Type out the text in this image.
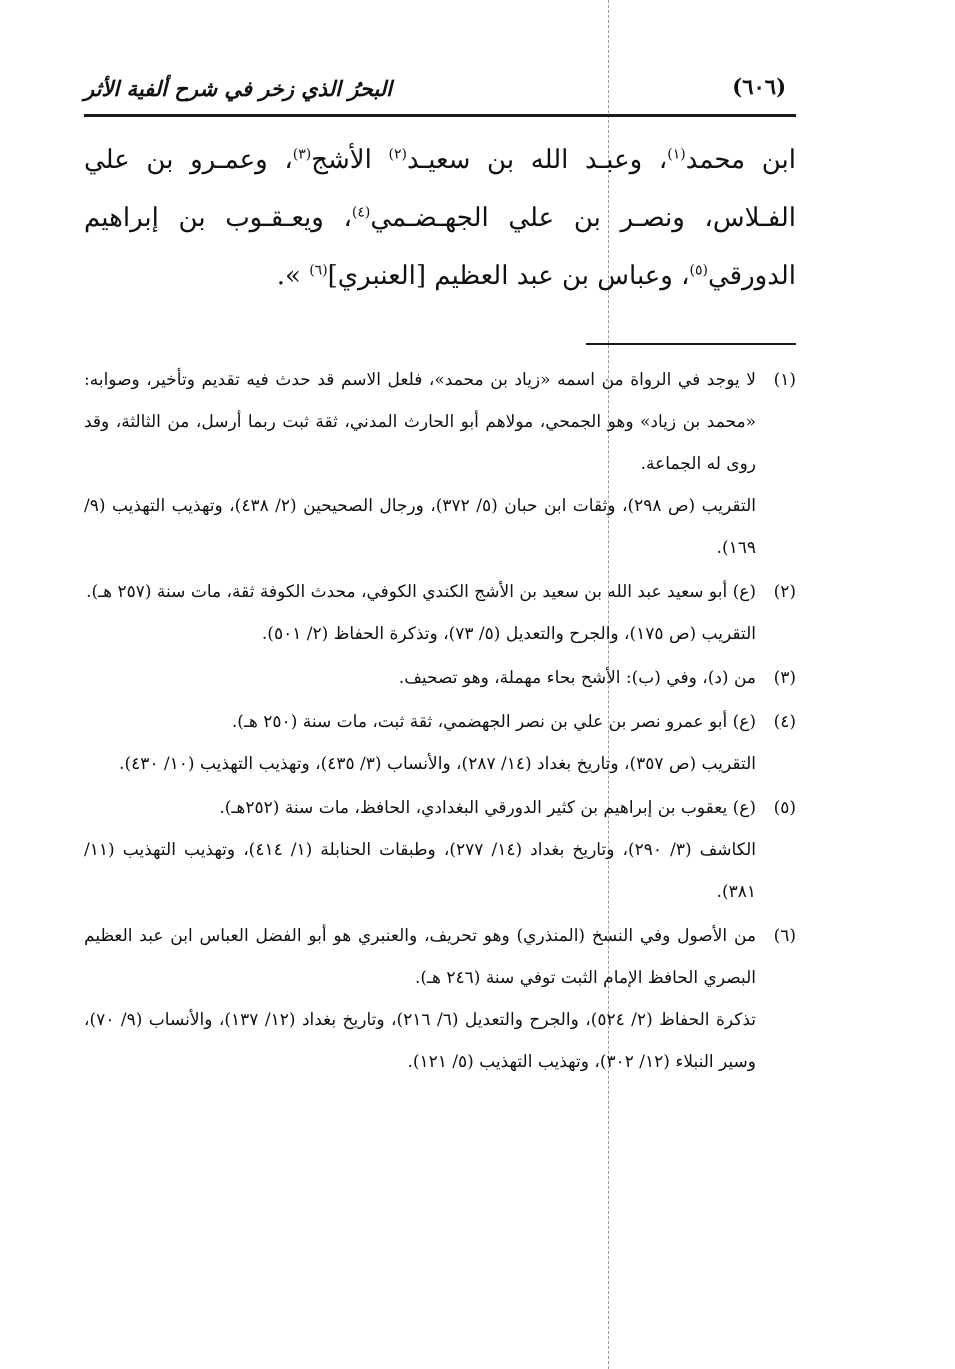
(٦٠٦)
البحرُ الذي زخر في شرح ألفية الأثر
ابن محمد$^{(١)}$، وعبـد الله بن سعيـد$^{(٢)}$ الأشج$^{(٣)}$، وعمـرو بن علي الفـلاس، ونصـر بن علي الجهـضـمي$^{(٤)}$، ويعـقـوب بن إبراهيم الدورقي$^{(٥)}$، وعباس بن عبد العظيم [العنبري]$^{(٦)}$ ».
(١)

لا يوجد في الرواة من اسمه «زياد بن محمد»، فلعل الاسم قد حدث فيه تقديم وتأخير، وصوابه: «محمد بن زياد» وهو الجمحي، مولاهم أبو الحارث المدني، ثقة ثبت ربما أرسل، من الثالثة، وقد روى له الجماعة.

التقريب (ص ٢٩٨)، وثقات ابن حبان (٥/ ٣٧٢)، ورجال الصحيحين (٢/ ٤٣٨)، وتهذيب التهذيب (٩/ ١٦٩).

(٢)

(ع) أبو سعيد عبد الله بن سعيد بن الأشج الكندي الكوفي، محدث الكوفة ثقة، مات سنة (٢٥٧ هـ).

التقريب (ص ١٧٥)، والجرح والتعديل (٥/ ٧٣)، وتذكرة الحفاظ (٢/ ٥٠١).

(٣)

من (د)، وفي (ب): الأشح بحاء مهملة، وهو تصحيف.

(٤)

(ع) أبو عمرو نصر بن علي بن نصر الجهضمي، ثقة ثبت، مات سنة (٢٥٠ هـ).

التقريب (ص ٣٥٧)، وتاريخ بغداد (١٤/ ٢٨٧)، والأنساب (٣/ ٤٣٥)، وتهذيب التهذيب (١٠/ ٤٣٠).

(٥)

(ع) يعقوب بن إبراهيم بن كثير الدورقي البغدادي، الحافظ، مات سنة (٢٥٢هـ).

الكاشف (٣/ ٢٩٠)، وتاريخ بغداد (١٤/ ٢٧٧)، وطبقات الحنابلة (١/ ٤١٤)، وتهذيب التهذيب (١١/ ٣٨١).

(٦)

من الأصول وفي النسخ (المنذري) وهو تحريف، والعنبري هو أبو الفضل العباس ابن عبد العظيم البصري الحافظ الإمام الثبت توفي سنة (٢٤٦ هـ).

تذكرة الحفاظ (٢/ ٥٢٤)، والجرح والتعديل (٦/ ٢١٦)، وتاريخ بغداد (١٢/ ١٣٧)، والأنساب (٩/ ٧٠)، وسير النبلاء (١٢/ ٣٠٢)، وتهذيب التهذيب (٥/ ١٢١).
